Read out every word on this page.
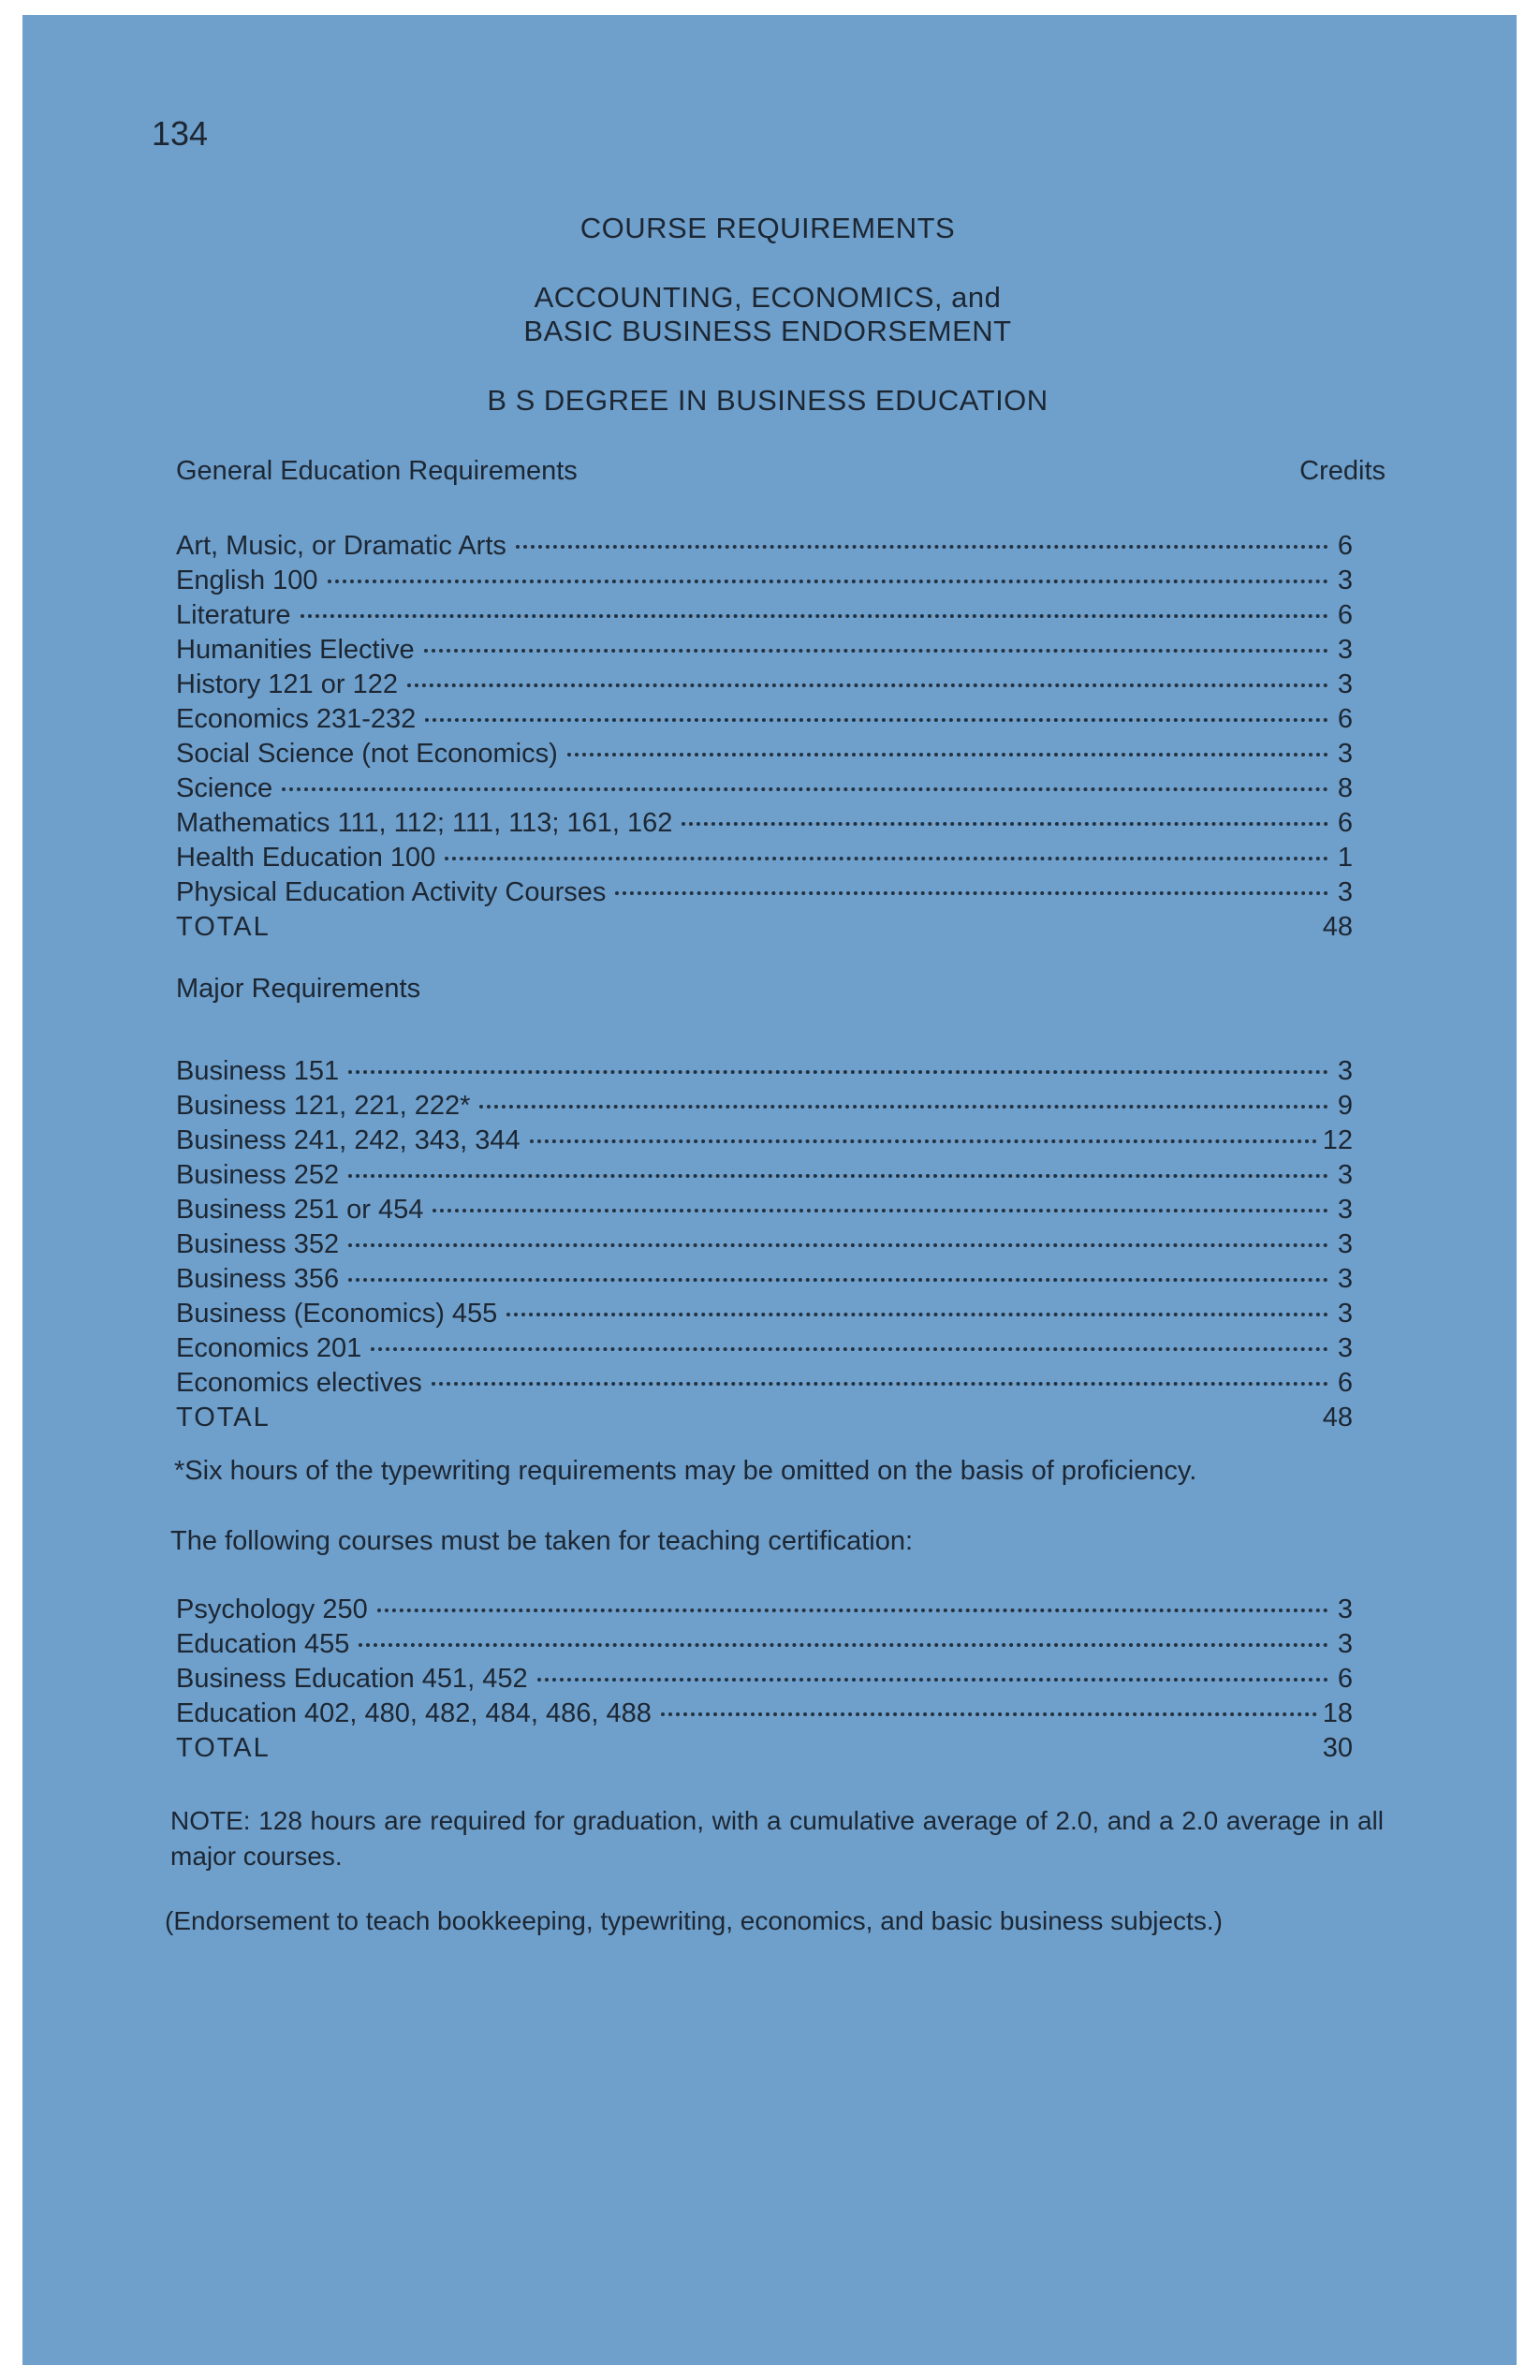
134
COURSE REQUIREMENTS
ACCOUNTING, ECONOMICS, and
BASIC BUSINESS ENDORSEMENT
B S DEGREE IN BUSINESS EDUCATION
General Education Requirements	Credits
Art, Music, or Dramatic Arts	6
English 100	3
Literature	6
Humanities Elective	3
History 121 or 122	3
Economics 231-232	6
Social Science (not Economics)	3
Science	8
Mathematics 111, 112; 111, 113; 161, 162	6
Health Education 100	1
Physical Education Activity Courses	3
TOTAL	48
Major Requirements
Business 151	3
Business 121, 221, 222*	9
Business 241, 242, 343, 344	12
Business 252	3
Business 251 or 454	3
Business 352	3
Business 356	3
Business (Economics) 455	3
Economics 201	3
Economics electives	6
TOTAL	48
*Six hours of the typewriting requirements may be omitted on the basis of proficiency.
The following courses must be taken for teaching certification:
Psychology 250	3
Education 455	3
Business Education 451, 452	6
Education 402, 480, 482, 484, 486, 488	18
TOTAL	30
NOTE: 128 hours are required for graduation, with a cumulative average of 2.0, and a 2.0 average in all major courses.
(Endorsement to teach bookkeeping, typewriting, economics, and basic business subjects.)
